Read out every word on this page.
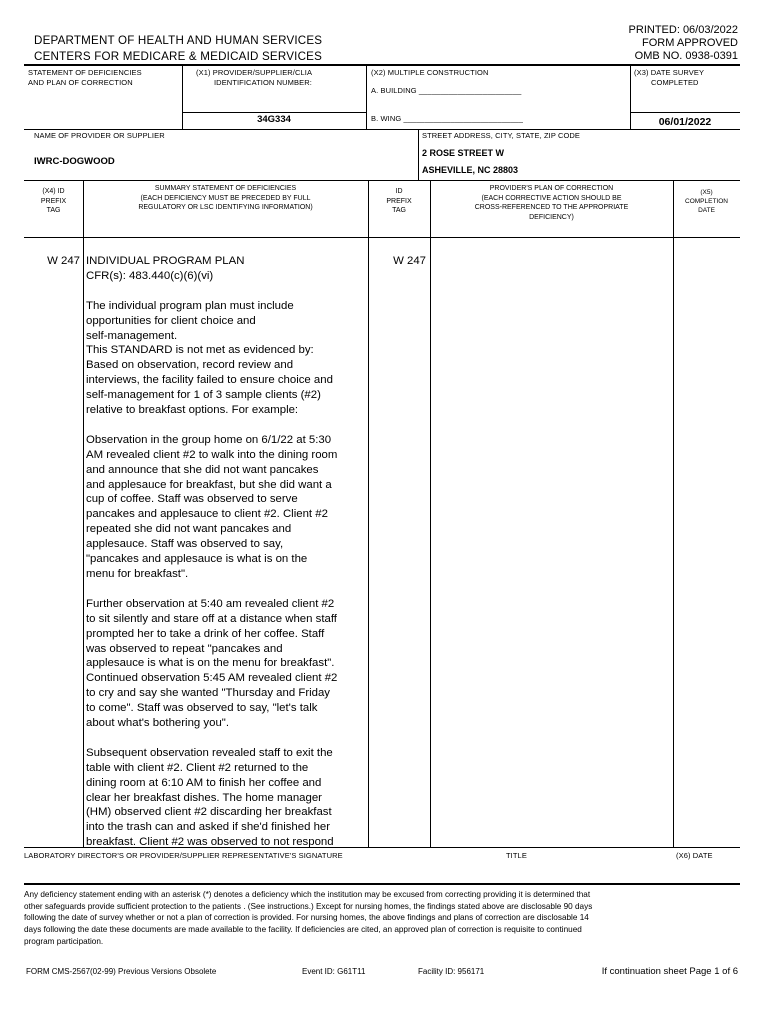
DEPARTMENT OF HEALTH AND HUMAN SERVICES
CENTERS FOR MEDICARE & MEDICAID SERVICES
PRINTED: 06/03/2022
FORM APPROVED
OMB NO. 0938-0391
STATEMENT OF DEFICIENCIES
AND PLAN OF CORRECTION
(X1) PROVIDER/SUPPLIER/CLIA
IDENTIFICATION NUMBER:
34G334
(X2) MULTIPLE CONSTRUCTION
A. BUILDING ________________________
B. WING ____________________________
(X3) DATE SURVEY
COMPLETED
06/01/2022
NAME OF PROVIDER OR SUPPLIER
IWRC-DOGWOOD
STREET ADDRESS, CITY, STATE, ZIP CODE
2 ROSE STREET W
ASHEVILLE, NC 28803
(X4) ID
PREFIX
TAG
SUMMARY STATEMENT OF DEFICIENCIES
(EACH DEFICIENCY MUST BE PRECEDED BY FULL
REGULATORY OR LSC IDENTIFYING INFORMATION)
ID
PREFIX
TAG
PROVIDER'S PLAN OF CORRECTION
(EACH CORRECTIVE ACTION SHOULD BE
CROSS-REFERENCED TO THE APPROPRIATE
DEFICIENCY)
(X5)
COMPLETION
DATE
W 247	W 247
INDIVIDUAL PROGRAM PLAN
CFR(s): 483.440(c)(6)(vi)
The individual program plan must include
opportunities for client choice and
self-management.
This STANDARD is not met as evidenced by:
Based on observation, record review and
interviews, the facility failed to ensure choice and
self-management for 1 of 3 sample clients (#2)
relative to breakfast options. For example:
Observation in the group home on 6/1/22 at 5:30
AM revealed client #2 to walk into the dining room
and announce that she did not want pancakes
and applesauce for breakfast, but she did want a
cup of coffee. Staff was observed to serve
pancakes and applesauce to client #2. Client #2
repeated she did not want pancakes and
applesauce. Staff was observed to say,
"pancakes and applesauce is what is on the
menu for breakfast".
Further observation at 5:40 am revealed client #2
to sit silently and stare off at a distance when staff
prompted her to take a drink of her coffee. Staff
was observed to repeat "pancakes and
applesauce is what is on the menu for breakfast".
Continued observation 5:45 AM revealed client #2
to cry and say she wanted "Thursday and Friday
to come". Staff was observed to say, "let's talk
about what's bothering you".
Subsequent observation revealed staff to exit the
table with client #2. Client #2 returned to the
dining room at 6:10 AM to finish her coffee and
clear her breakfast dishes. The home manager
(HM) observed client #2 discarding her breakfast
into the trash can and asked if she'd finished her
breakfast. Client #2 was observed to not respond
LABORATORY DIRECTOR'S OR PROVIDER/SUPPLIER REPRESENTATIVE'S SIGNATURE	TITLE	(X6) DATE
Any deficiency statement ending with an asterisk (*) denotes a deficiency which the institution may be excused from correcting providing it is determined that
other safeguards provide sufficient protection to the patients . (See instructions.) Except for nursing homes, the findings stated above are disclosable 90 days
following the date of survey whether or not a plan of correction is provided. For nursing homes, the above findings and plans of correction are disclosable 14
days following the date these documents are made available to the facility. If deficiencies are cited, an approved plan of correction is requisite to continued
program participation.
FORM CMS-2567(02-99) Previous Versions Obsolete	Event ID: G61T11	Facility ID: 956171	If continuation sheet Page 1 of 6
